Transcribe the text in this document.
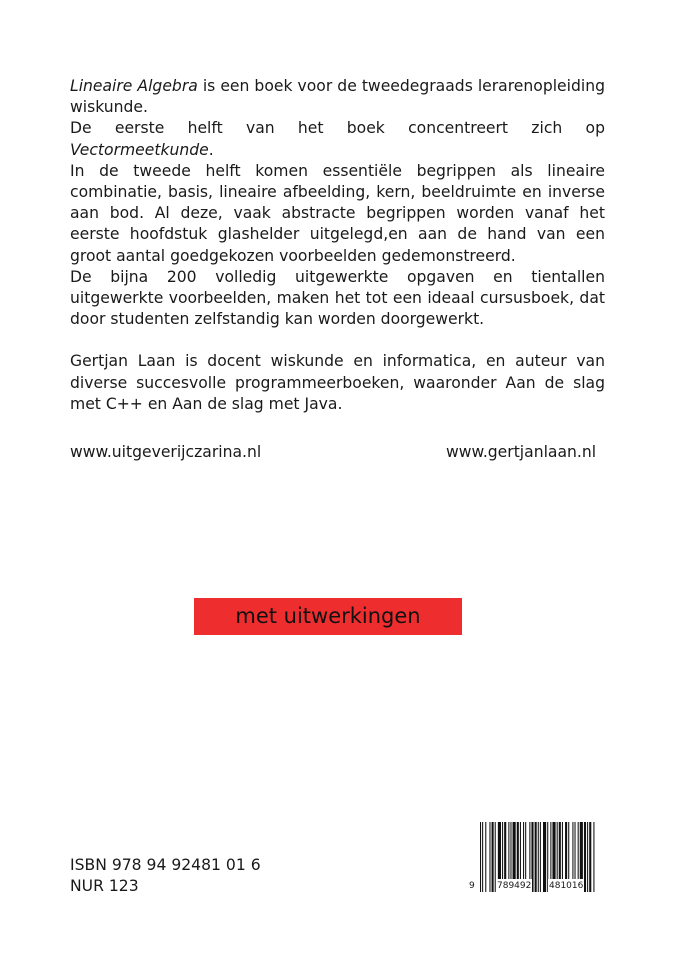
Lineaire Algebra is een boek voor de tweedegraads lerarenopleiding wiskunde.

De eerste helft van het boek concentreert zich op Vectormeetkunde.

In de tweede helft komen essentiële begrippen als lineaire combinatie, basis, lineaire afbeelding, kern, beeldruimte en inverse aan bod. Al deze, vaak abstracte begrippen worden vanaf het eerste hoofdstuk glashelder uitgelegd,en aan de hand van een groot aantal goedgekozen voorbeelden gedemonstreerd.

De bijna 200 volledig uitgewerkte opgaven en tientallen uitgewerkte voorbeelden, maken het tot een ideaal cursusboek, dat door studenten zelfstandig kan worden doorgewerkt.

Gertjan Laan is docent wiskunde en informatica, en auteur van diverse succesvolle programmeerboeken, waaronder Aan de slag met C++ en Aan de slag met Java.

www.uitgeverijczarina.nl	www.gertjanlaan.nl
met uitwerkingen
ISBN 978 94 92481 01 6
NUR 123	9 789492 481016
